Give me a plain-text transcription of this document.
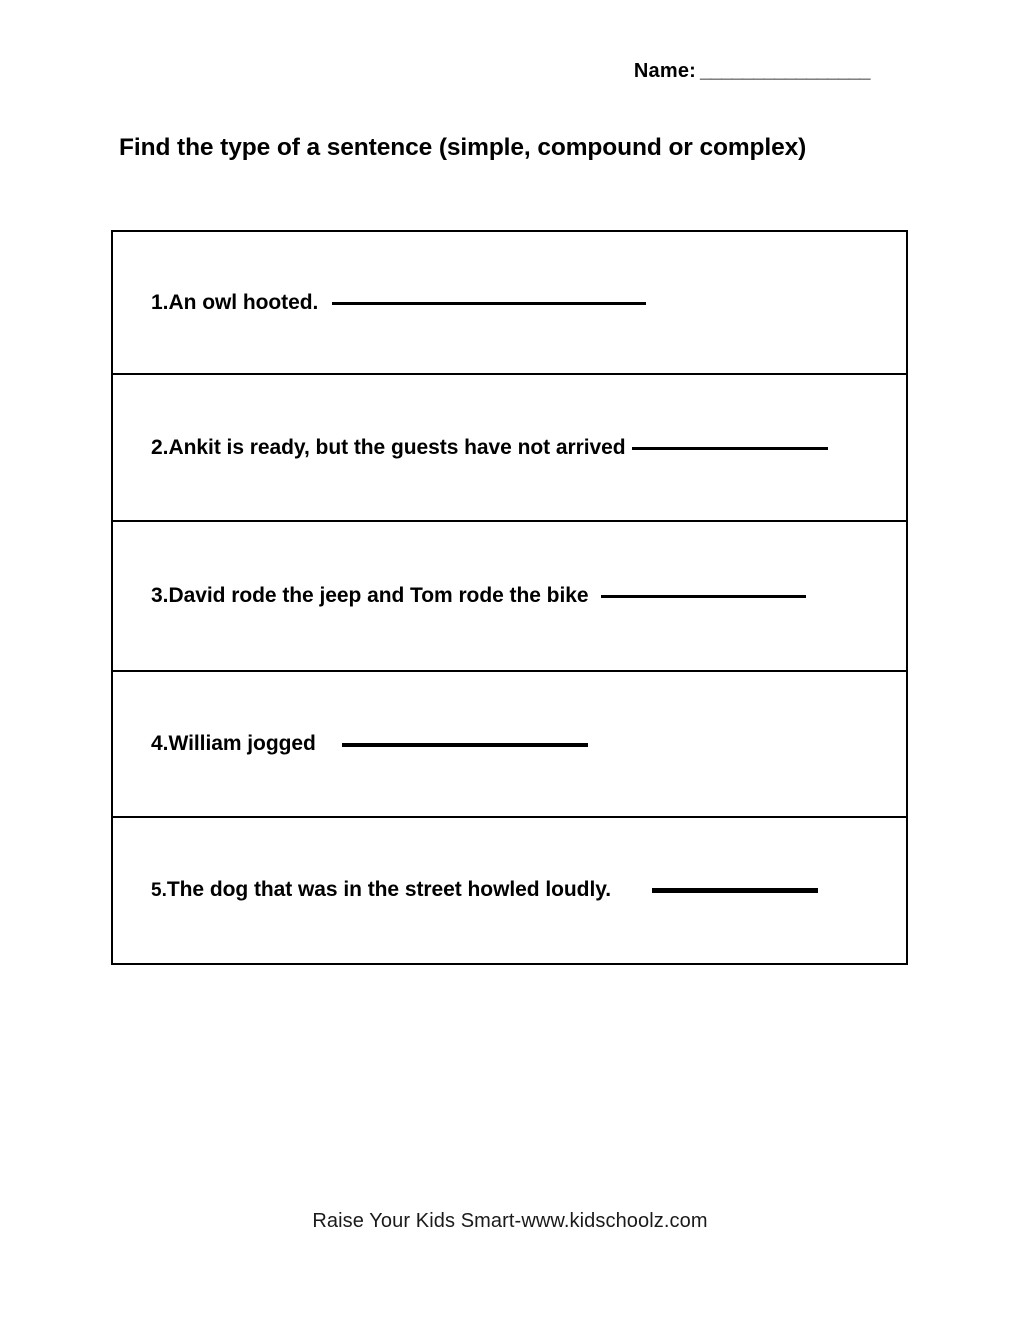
Name: ________________
Find the type of a sentence (simple, compound or complex)
1. An owl hooted.
2. Ankit is ready, but the guests have not arrived
3. David rode the jeep and Tom rode the bike
4. William jogged
5. The dog that was in the street howled loudly.
Raise Your Kids Smart-www.kidschoolz.com
